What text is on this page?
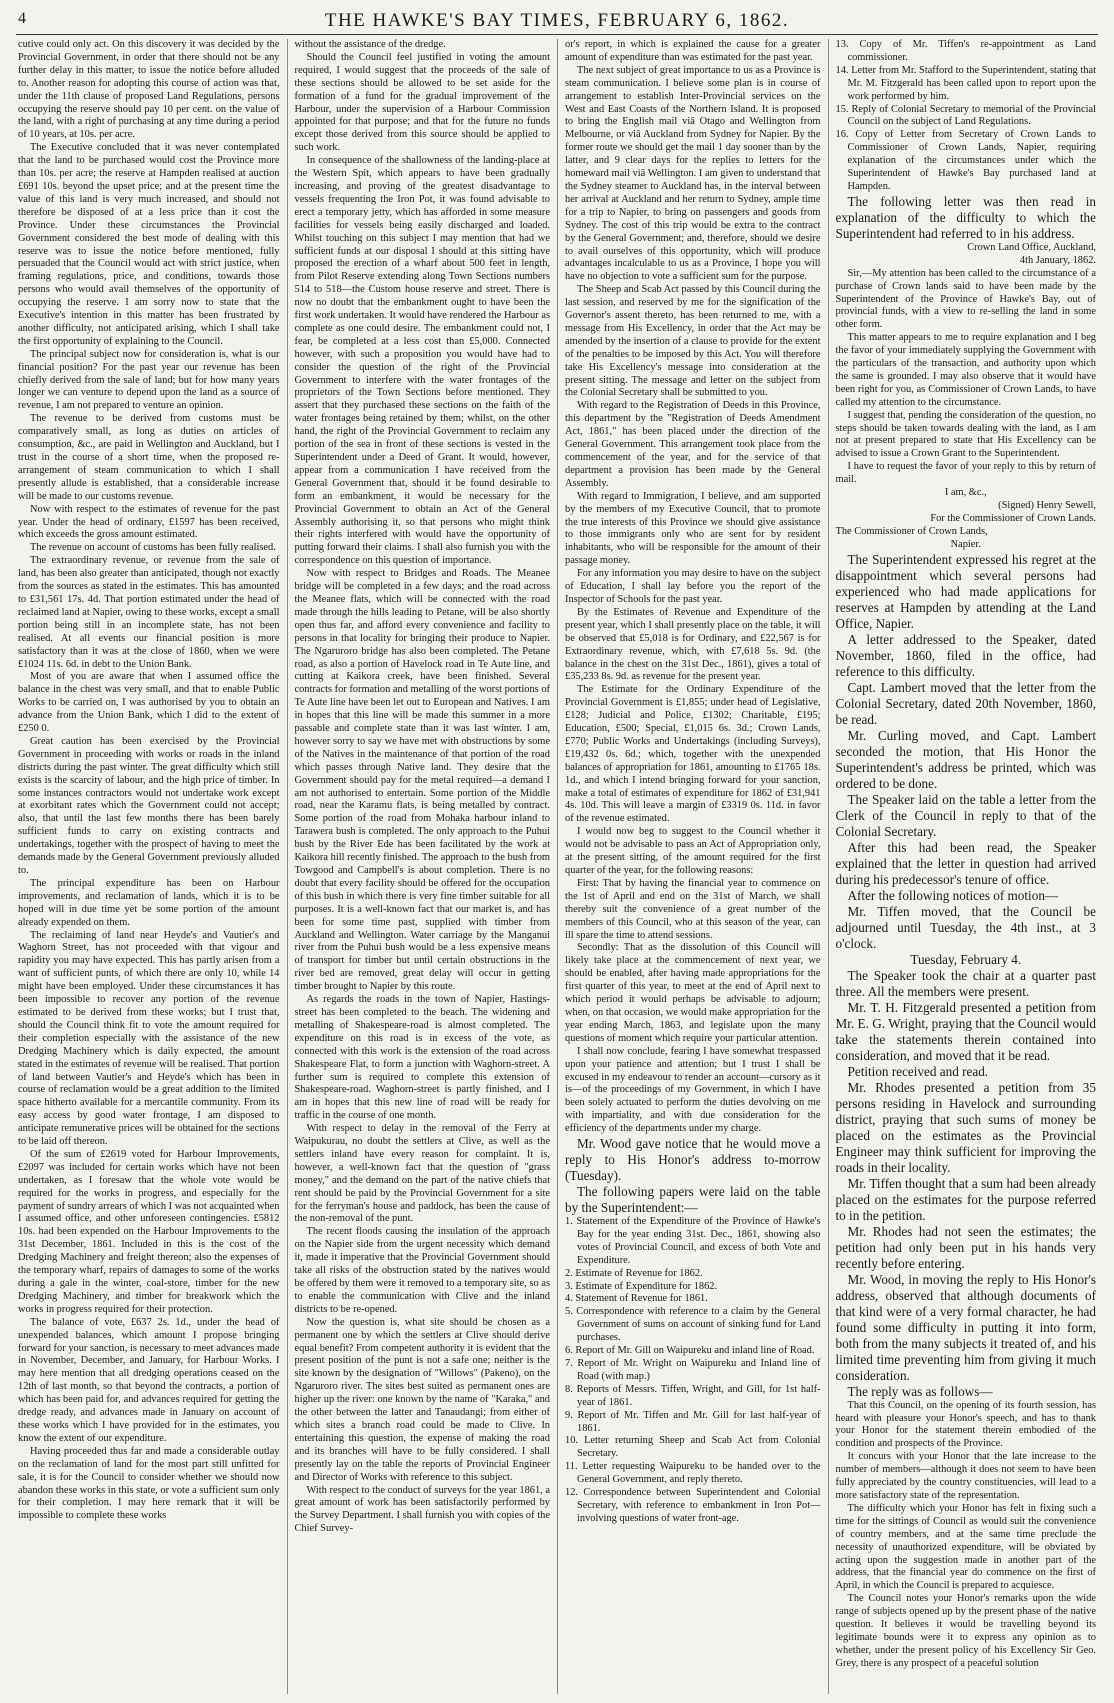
4	THE HAWKE'S BAY TIMES, FEBRUARY 6, 1862.

cutive could only act. On this discovery it was decided by the Provincial Government, in order that there should not be any further delay in this matter, to issue the notice before alluded to. Another reason for adopting this course of action was that, under the 11th clause of proposed Land Regulations, persons occupying the reserve should pay 10 per cent. on the value of the land, with a right of purchasing at any time during a period of 10 years, at 10s. per acre.

The Executive concluded that it was never contemplated that the land to be purchased would cost the Province more than 10s. per acre; the reserve at Hampden realised at auction £691 10s. beyond the upset price; and at the present time the value of this land is very much increased, and should not therefore be disposed of at a less price than it cost the Province. Under these circumstances the Provincial Government considered the best mode of dealing with this reserve was to issue the notice before mentioned, fully persuaded that the Council would act with strict justice, when framing regulations, price, and conditions, towards those persons who would avail themselves of the opportunity of occupying the reserve. I am sorry now to state that the Executive's intention in this matter has been frustrated by another difficulty, not anticipated arising, which I shall take the first opportunity of explaining to the Council.

The principal subject now for consideration is, what is our financial position? For the past year our revenue has been chiefly derived from the sale of land; but for how many years longer we can venture to depend upon the land as a source of revenue, I am not prepared to venture an opinion.

The revenue to be derived from customs must be comparatively small, as long as duties on articles of consumption, &c., are paid in Wellington and Auckland, but I trust in the course of a short time, when the proposed re-arrangement of steam communication to which I shall presently allude is established, that a considerable increase will be made to our customs revenue.

Now with respect to the estimates of revenue for the past year. Under the head of ordinary, £1597 has been received, which exceeds the gross amount estimated.

The revenue on account of customs has been fully realised.

The extraordinary revenue, or revenue from the sale of land, has been also greater than anticipated, though not exactly from the sources as stated in the estimates. This has amounted to £31,561 17s. 4d. That portion estimated under the head of reclaimed land at Napier, owing to these works, except a small portion being still in an incomplete state, has not been realised. At all events our financial position is more satisfactory than it was at the close of 1860, when we were £1024 11s. 6d. in debt to the Union Bank.

Most of you are aware that when I assumed office the balance in the chest was very small, and that to enable Public Works to be carried on, I was authorised by you to obtain an advance from the Union Bank, which I did to the extent of £250 0.

Great caution has been exercised by the Provincial Government in proceeding with works or roads in the inland districts during the past winter. The great difficulty which still exists is the scarcity of labour, and the high price of timber. In some instances contractors would not undertake work except at exorbitant rates which the Government could not accept; also, that until the last few months there has been barely sufficient funds to carry on existing contracts and undertakings, together with the prospect of having to meet the demands made by the General Government previously alluded to.

The principal expenditure has been on Harbour improvements, and reclamation of lands, which it is to be hoped will in due time yet be some portion of the amount already expended on them.

The reclaiming of land near Heyde's and Vautier's and Waghorn Street, has not proceeded with that vigour and rapidity you may have expected. This has partly arisen from a want of sufficient punts, of which there are only 10, while 14 might have been employed. Under these circumstances it has been impossible to recover any portion of the revenue estimated to be derived from these works; but I trust that, should the Council think fit to vote the amount required for their completion especially with the assistance of the new Dredging Machinery which is daily expected, the amount stated in the estimates of revenue will be realised. That portion of land between Vautier's and Heyde's which has been in course of reclamation would be a great addition to the limited space hitherto available for a mercantile community. From its easy access by good water frontage, I am disposed to anticipate remunerative prices will be obtained for the sections to be laid off thereon.

Of the sum of £2619 voted for Harbour Improvements, £2097 was included for certain works which have not been undertaken, as I foresaw that the whole vote would be required for the works in progress, and especially for the payment of sundry arrears of which I was not acquainted when I assumed office, and other unforeseen contingencies. £5812 10s. had been expended on the Harbour Improvements to the 31st December, 1861. Included in this is the cost of the Dredging Machinery and freight thereon; also the expenses of the temporary wharf, repairs of damages to some of the works during a gale in the winter, coal-store, timber for the new Dredging Machinery, and timber for breakwork which the works in progress required for their protection.

The balance of vote, £637 2s. 1d., under the head of unexpended balances, which amount I propose bringing forward for your sanction, is necessary to meet advances made in November, December, and January, for Harbour Works. I may here mention that all dredging operations ceased on the 12th of last month, so that beyond the contracts, a portion of which has been paid for, and advances required for getting the dredge ready, and advances made in January on account of these works which I have provided for in the estimates, you know the extent of our expenditure.

Having proceeded thus far and made a considerable outlay on the reclamation of land for the most part still unfitted for sale, it is for the Council to consider whether we should now abandon these works in this state, or vote a sufficient sum only for their completion. I may here remark that it will be impossible to complete these works

without the assistance of the dredge.

Should the Council feel justified in voting the amount required, I would suggest that the proceeds of the sale of these sections should be allowed to be set aside for the formation of a fund for the gradual improvement of the Harbour, under the supervision of a Harbour Commission appointed for that purpose; and that for the future no funds except those derived from this source should be applied to such work.

In consequence of the shallowness of the landing-place at the Western Spit, which appears to have been gradually increasing, and proving of the greatest disadvantage to vessels frequenting the Iron Pot, it was found advisable to erect a temporary jetty, which has afforded in some measure facilities for vessels being easily discharged and loaded. Whilst touching on this subject I may mention that had we sufficient funds at our disposal I should at this sitting have proposed the erection of a wharf about 500 feet in length, from Pilot Reserve extending along Town Sections numbers 514 to 518—the Custom house reserve and street. There is now no doubt that the embankment ought to have been the first work undertaken. It would have rendered the Harbour as complete as one could desire. The embankment could not, I fear, be completed at a less cost than £5,000. Connected however, with such a proposition you would have had to consider the question of the right of the Provincial Government to interfere with the water frontages of the proprietors of the Town Sections before mentioned. They assert that they purchased these sections on the faith of the water frontages being retained by them; whilst, on the other hand, the right of the Provincial Government to reclaim any portion of the sea in front of these sections is vested in the Superintendent under a Deed of Grant. It would, however, appear from a communication I have received from the General Government that, should it be found desirable to form an embankment, it would be necessary for the Provincial Government to obtain an Act of the General Assembly authorising it, so that persons who might think their rights interfered with would have the opportunity of putting forward their claims. I shall also furnish you with the correspondence on this question of importance.

Now with respect to Bridges and Roads. The Meanee bridge will be completed in a few days; and the road across the Meanee flats, which will be connected with the road made through the hills leading to Petane, will be also shortly open thus far, and afford every convenience and facility to persons in that locality for bringing their produce to Napier. The Ngaruroro bridge has also been completed. The Petane road, as also a portion of Havelock road in Te Aute line, and cutting at Kaikora creek, have been finished. Several contracts for formation and metalling of the worst portions of Te Aute line have been let out to European and Natives. I am in hopes that this line will be made this summer in a more passable and complete state than it was last winter. I am, however sorry to say we have met with obstructions by some of the Natives in the maintenance of that portion of the road which passes through Native land. They desire that the Government should pay for the metal required—a demand I am not authorised to entertain. Some portion of the Middle road, near the Karamu flats, is being metalled by contract. Some portion of the road from Mohaka harbour inland to Tarawera bush is completed. The only approach to the Puhui bush by the River Ede has been facilitated by the work at Kaikora hill recently finished. The approach to the bush from Towgood and Campbell's is about completion. There is no doubt that every facility should be offered for the occupation of this bush in which there is very fine timber suitable for all purposes. It is a well-known fact that our market is, and has been for some time past, supplied with timber from Auckland and Wellington. Water carriage by the Manganui river from the Puhui bush would be a less expensive means of transport for timber but until certain obstructions in the river bed are removed, great delay will occur in getting timber brought to Napier by this route.

As regards the roads in the town of Napier, Hastings-street has been completed to the beach. The widening and metalling of Shakespeare-road is almost completed. The expenditure on this road is in excess of the vote, as connected with this work is the extension of the road across Shakespeare Flat, to form a junction with Waghorn-street. A further sum is required to complete this extension of Shakespeare-road. Waghorn-street is partly finished, and I am in hopes that this new line of road will be ready for traffic in the course of one month.

With respect to delay in the removal of the Ferry at Waipukurau, no doubt the settlers at Clive, as well as the settlers inland have every reason for complaint. It is, however, a well-known fact that the question of "grass money," and the demand on the part of the native chiefs that rent should be paid by the Provincial Government for a site for the ferryman's house and paddock, has been the cause of the non-removal of the punt.

The recent floods causing the insulation of the approach on the Napier side from the urgent necessity which demand it, made it imperative that the Provincial Government should take all risks of the obstruction stated by the natives would be offered by them were it removed to a temporary site, so as to enable the communication with Clive and the inland districts to be re-opened.

Now the question is, what site should be chosen as a permanent one by which the settlers at Clive should derive equal benefit? From competent authority it is evident that the present position of the punt is not a safe one; neither is the site known by the designation of "Willows" (Pakeno), on the Ngaruroro river. The sites best suited as permanent ones are higher up the river: one known by the name of "Karaka," and the other between the latter and Tanaudangi; from either of which sites a branch road could be made to Clive. In entertaining this question, the expense of making the road and its branches will have to be fully considered. I shall presently lay on the table the reports of Provincial Engineer and Director of Works with reference to this subject.

With respect to the conduct of surveys for the year 1861, a great amount of work has been satisfactorily performed by the Survey Department. I shall furnish you with copies of the Chief Survey-

or's report, in which is explained the cause for a greater amount of expenditure than was estimated for the past year.

The next subject of great importance to us as a Province is steam communication. I believe some plan is in course of arrangement to establish Inter-Provincial services on the West and East Coasts of the Northern Island. It is proposed to bring the English mail viâ Otago and Wellington from Melbourne, or viâ Auckland from Sydney for Napier. By the former route we should get the mail 1 day sooner than by the latter, and 9 clear days for the replies to letters for the homeward mail viâ Wellington. I am given to understand that the Sydney steamer to Auckland has, in the interval between her arrival at Auckland and her return to Sydney, ample time for a trip to Napier, to bring on passengers and goods from Sydney. The cost of this trip would be extra to the contract by the General Government; and, therefore, should we desire to avail ourselves of this opportunity, which will produce advantages incalculable to us as a Province, I hope you will have no objection to vote a sufficient sum for the purpose.

The Sheep and Scab Act passed by this Council during the last session, and reserved by me for the signification of the Governor's assent thereto, has been returned to me, with a message from His Excellency, in order that the Act may be amended by the insertion of a clause to provide for the extent of the penalties to be imposed by this Act. You will therefore take His Excellency's message into consideration at the present sitting. The message and letter on the subject from the Colonial Secretary shall be submitted to you.

With regard to the Registration of Deeds in this Province, this department by the "Registration of Deeds Amendment Act, 1861," has been placed under the direction of the General Government. This arrangement took place from the commencement of the year, and for the service of that department a provision has been made by the General Assembly.

With regard to Immigration, I believe, and am supported by the members of my Executive Council, that to promote the true interests of this Province we should give assistance to those immigrants only who are sent for by resident inhabitants, who will be responsible for the amount of their passage money.

For any information you may desire to have on the subject of Education, I shall lay before you the report of the Inspector of Schools for the past year.

By the Estimates of Revenue and Expenditure of the present year, which I shall presently place on the table, it will be observed that £5,018 is for Ordinary, and £22,567 is for Extraordinary revenue, which, with £7,618 5s. 9d. (the balance in the chest on the 31st Dec., 1861), gives a total of £35,233 8s. 9d. as revenue for the present year.

The Estimate for the Ordinary Expenditure of the Provincial Government is £1,855; under head of Legislative, £128; Judicial and Police, £1302; Charitable, £195; Education, £500; Special, £1,015 6s. 3d.; Crown Lands, £770; Public Works and Undertakings (including Surveys), £19,432 0s. 6d.; which, together with the unexpended balances of appropriation for 1861, amounting to £1765 18s. 1d., and which I intend bringing forward for your sanction, make a total of estimates of expenditure for 1862 of £31,941 4s. 10d. This will leave a margin of £3319 0s. 11d. in favor of the revenue estimated.

I would now beg to suggest to the Council whether it would not be advisable to pass an Act of Appropriation only, at the present sitting, of the amount required for the first quarter of the year, for the following reasons:

First: That by having the financial year to commence on the 1st of April and end on the 31st of March, we shall thereby suit the convenience of a great number of the members of this Council, who at this season of the year, can ill spare the time to attend sessions.

Secondly: That as the dissolution of this Council will likely take place at the commencement of next year, we should be enabled, after having made appropriations for the first quarter of this year, to meet at the end of April next to which period it would perhaps be advisable to adjourn; when, on that occasion, we would make appropriation for the year ending March, 1863, and legislate upon the many questions of moment which require your particular attention.

I shall now conclude, fearing I have somewhat trespassed upon your patience and attention; but I trust I shall be excused in my endeavour to render an account—cursory as it is—of the proceedings of my Government, in which I have been solely actuated to perform the duties devolving on me with impartiality, and with due consideration for the efficiency of the departments under my charge.

Mr. Wood gave notice that he would move a reply to His Honor's address to-morrow (Tuesday).

The following papers were laid on the table by the Superintendent:—

1. Statement of the Expenditure of the Province of Hawke's Bay for the year ending 31st. Dec., 1861, showing also votes of Provincial Council, and excess of both Vote and Expenditure.

2. Estimate of Revenue for 1862.

3. Estimate of Expenditure for 1862.

4. Statement of Revenue for 1861.

5. Correspondence with reference to a claim by the General Government of sums on account of sinking fund for Land purchases.

6. Report of Mr. Gill on Waipureku and inland line of Road.

7. Report of Mr. Wright on Waipureku and Inland line of Road (with map.)

8. Reports of Messrs. Tiffen, Wright, and Gill, for 1st half-year of 1861.

9. Report of Mr. Tiffen and Mr. Gill for last half-year of 1861.

10. Letter returning Sheep and Scab Act from Colonial Secretary.

11. Letter requesting Waipureku to be handed over to the General Government, and reply thereto.

12. Correspondence between Superintendent and Colonial Secretary, with reference to embankment in Iron Pot—involving questions of water front-age.

13. Copy of Mr. Tiffen's re-appointment as Land commissioner.

14. Letter from Mr. Stafford to the Superintendent, stating that Mr. M. Fitzgerald has been called upon to report upon the work performed by him.

15. Reply of Colonial Secretary to memorial of the Provincial Council on the subject of Land Regulations.

16. Copy of Letter from Secretary of Crown Lands to Commissioner of Crown Lands, Napier, requiring explanation of the circumstances under which the Superintendent of Hawke's Bay purchased land at Hampden.

The following letter was then read in explanation of the difficulty to which the Superintendent had referred to in his address.

Crown Land Office, Auckland,

4th January, 1862.

Sir,—My attention has been called to the circumstance of a purchase of Crown lands said to have been made by the Superintendent of the Province of Hawke's Bay, out of provincial funds, with a view to re-selling the land in some other form.

This matter appears to me to require explanation and I beg the favor of your immediately supplying the Government with the particulars of the transaction, and authority upon which the same is grounded. I may also observe that it would have been right for you, as Commissioner of Crown Lands, to have called my attention to the circumstance.

I suggest that, pending the consideration of the question, no steps should be taken towards dealing with the land, as I am not at present prepared to state that His Excellency can be advised to issue a Crown Grant to the Superintendent.

I have to request the favor of your reply to this by return of mail.

I am, &c.,

(Signed) Henry Sewell,

For the Commissioner of Crown Lands.

The Commissioner of Crown Lands,

Napier.

The Superintendent expressed his regret at the disappointment which several persons had experienced who had made applications for reserves at Hampden by attending at the Land Office, Napier.

A letter addressed to the Speaker, dated November, 1860, filed in the office, had reference to this difficulty.

Capt. Lambert moved that the letter from the Colonial Secretary, dated 20th November, 1860, be read.

Mr. Curling moved, and Capt. Lambert seconded the motion, that His Honor the Superintendent's address be printed, which was ordered to be done.

The Speaker laid on the table a letter from the Clerk of the Council in reply to that of the Colonial Secretary.

After this had been read, the Speaker explained that the letter in question had arrived during his predecessor's tenure of office.

After the following notices of motion—

Mr. Tiffen moved, that the Council be adjourned until Tuesday, the 4th inst., at 3 o'clock.

Tuesday, February 4.

The Speaker took the chair at a quarter past three. All the members were present.

Mr. T. H. Fitzgerald presented a petition from Mr. E. G. Wright, praying that the Council would take the statements therein contained into consideration, and moved that it be read.

Petition received and read.

Mr. Rhodes presented a petition from 35 persons residing in Havelock and surrounding district, praying that such sums of money be placed on the estimates as the Provincial Engineer may think sufficient for improving the roads in their locality.

Mr. Tiffen thought that a sum had been already placed on the estimates for the purpose referred to in the petition.

Mr. Rhodes had not seen the estimates; the petition had only been put in his hands very recently before entering.

Mr. Wood, in moving the reply to His Honor's address, observed that although documents of that kind were of a very formal character, he had found some difficulty in putting it into form, both from the many subjects it treated of, and his limited time preventing him from giving it much consideration.

The reply was as follows—

That this Council, on the opening of its fourth session, has heard with pleasure your Honor's speech, and has to thank your Honor for the statement therein embodied of the condition and prospects of the Province.

It concurs with your Honor that the late increase to the number of members—although it does not seem to have been fully appreciated by the country constituencies, will lead to a more satisfactory state of the representation.

The difficulty which your Honor has felt in fixing such a time for the sittings of Council as would suit the convenience of country members, and at the same time preclude the necessity of unauthorized expenditure, will be obviated by acting upon the suggestion made in another part of the address, that the financial year do commence on the first of April, in which the Council is prepared to acquiesce.

The Council notes your Honor's remarks upon the wide range of subjects opened up by the present phase of the native question. It believes it would be travelling beyond its legitimate bounds were it to express any opinion as to whether, under the present policy of his Excellency Sir Geo. Grey, there is any prospect of a peaceful solution
